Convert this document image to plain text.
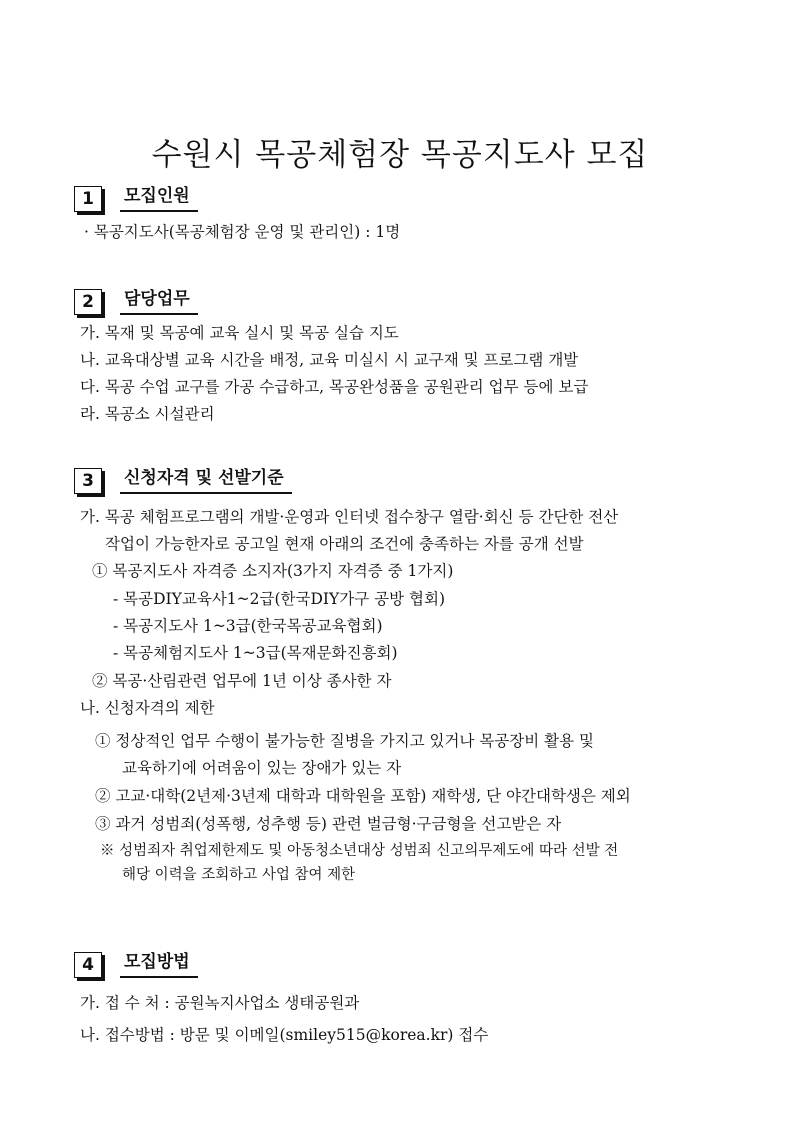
수원시 목공체험장 목공지도사 모집
1	모집인원
· 목공지도사(목공체험장 운영 및 관리인) : 1명
2	담당업무
가. 목재 및 목공예 교육 실시 및 목공 실습 지도
나. 교육대상별 교육 시간을 배정, 교육 미실시 시 교구재 및 프로그램 개발
다. 목공 수업 교구를 가공 수급하고, 목공완성품을 공원관리 업무 등에 보급
라. 목공소 시설관리
3	신청자격 및 선발기준
가. 목공 체험프로그램의 개발·운영과 인터넷 접수창구 열람·회신 등 간단한 전산
작업이 가능한자로 공고일 현재 아래의 조건에 충족하는 자를 공개 선발
① 목공지도사 자격증 소지자(3가지 자격증 중 1가지)
- 목공DIY교육사1~2급(한국DIY가구 공방 협회)
- 목공지도사 1~3급(한국목공교육협회)
- 목공체험지도사 1~3급(목재문화진흥회)
② 목공·산림관련 업무에 1년 이상 종사한 자
나. 신청자격의 제한
① 정상적인 업무 수행이 불가능한 질병을 가지고 있거나 목공장비 활용 및
교육하기에 어려움이 있는 장애가 있는 자
② 고교·대학(2년제·3년제 대학과 대학원을 포함) 재학생, 단 야간대학생은 제외
③ 과거 성범죄(성폭행, 성추행 등) 관련 벌금형·구금형을 선고받은 자
※ 성범죄자 취업제한제도 및 아동청소년대상 성범죄 신고의무제도에 따라 선발 전
해당 이력을 조회하고 사업 참여 제한
4	모집방법
가. 접 수 처 : 공원녹지사업소 생태공원과
나. 접수방법 : 방문 및 이메일(smiley515@korea.kr) 접수
